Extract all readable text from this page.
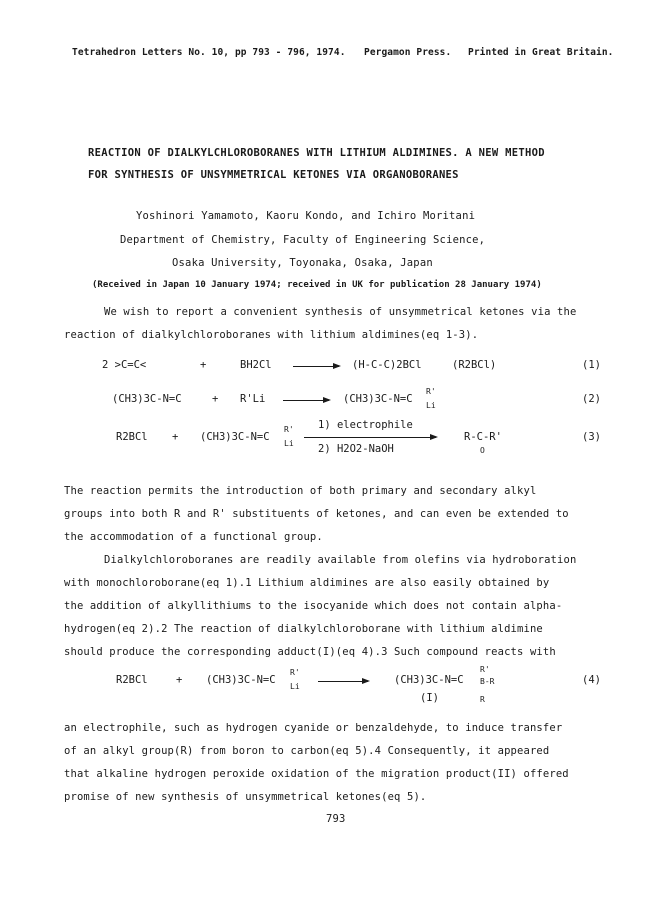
Tetrahedron Letters No. 10, pp 793 - 796, 1974. Pergamon Press. Printed in Great Britain.
REACTION OF DIALKYLCHLOROBORANES WITH LITHIUM ALDIMINES. A NEW METHOD
FOR SYNTHESIS OF UNSYMMETRICAL KETONES VIA ORGANOBORANES
Yoshinori Yamamoto, Kaoru Kondo, and Ichiro Moritani
Department of Chemistry, Faculty of Engineering Science,
Osaka University, Toyonaka, Osaka, Japan
(Received in Japan 10 January 1974; received in UK for publication 28 January 1974)
We wish to report a convenient synthesis of unsymmetrical ketones via the
reaction of dialkylchloroboranes with lithium aldimines(eq 1-3).
2 >C=C<	+	BH2Cl	(H-C-C)2BCl	(R2BCl)	(1)
(CH3)3C-N=C	+ R'Li	(CH3)3C-N=C
R'
Li
(2)
R2BCl + (CH3)3C-N=C
R'
Li
1) electrophile
2) H2O2-NaOH
R-C-R'
O
(3)
The reaction permits the introduction of both primary and secondary alkyl
groups into both R and R' substituents of ketones, and can even be extended to
the accommodation of a functional group.
Dialkylchloroboranes are readily available from olefins via hydroboration
with monochloroborane(eq 1).1 Lithium aldimines are also easily obtained by
the addition of alkyllithiums to the isocyanide which does not contain alpha-
hydrogen(eq 2).2 The reaction of dialkylchloroborane with lithium aldimine
should produce the corresponding adduct(I)(eq 4).3 Such compound reacts with
R2BCl	+ (CH3)3C-N=C
R'
Li
(CH3)3C-N=C
R'
B-R
R
(I)
(4)
an electrophile, such as hydrogen cyanide or benzaldehyde, to induce transfer
of an alkyl group(R) from boron to carbon(eq 5).4 Consequently, it appeared
that alkaline hydrogen peroxide oxidation of the migration product(II) offered
promise of new synthesis of unsymmetrical ketones(eq 5).
793
